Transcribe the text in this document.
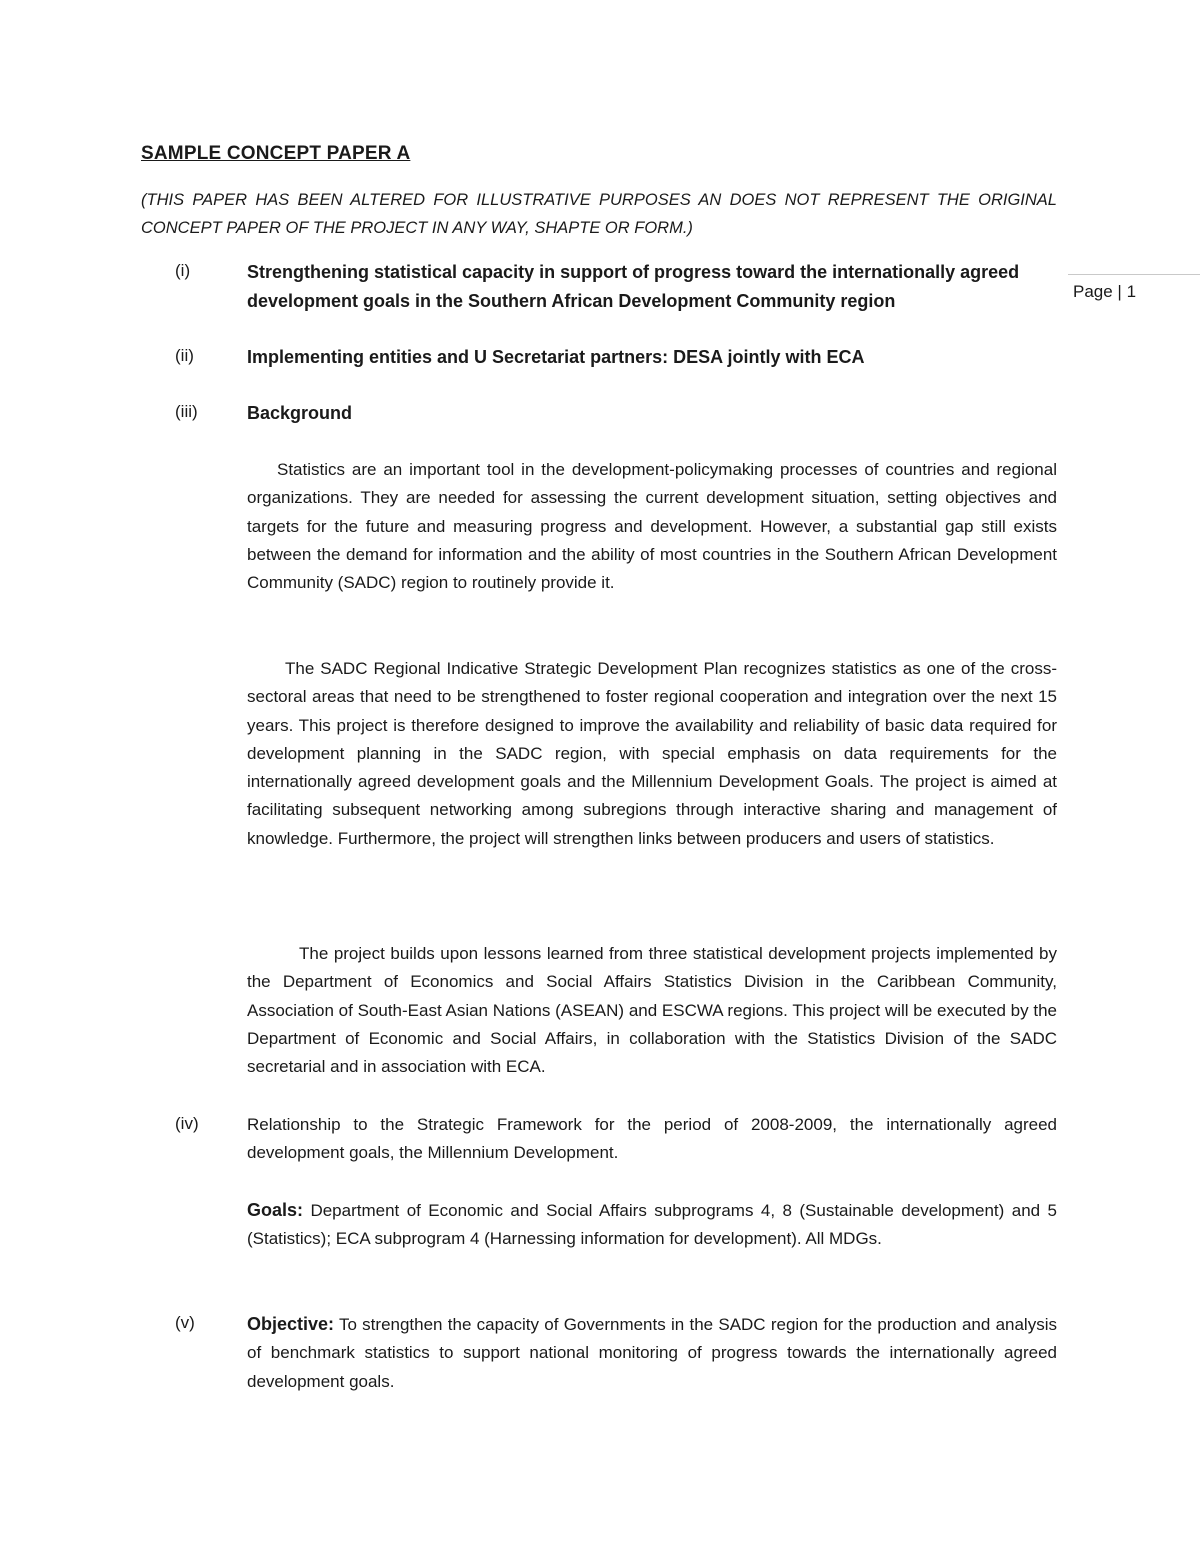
SAMPLE CONCEPT PAPER A
(THIS PAPER HAS BEEN ALTERED FOR ILLUSTRATIVE PURPOSES AN DOES NOT REPRESENT THE ORIGINAL CONCEPT PAPER OF THE PROJECT IN ANY WAY, SHAPTE OR FORM.)
Page | 1
(i)	Strengthening statistical capacity in support of progress toward the internationally agreed development goals in the Southern African Development Community region
(ii)	Implementing entities and U Secretariat partners: DESA jointly with ECA
(iii)	Background

Statistics are an important tool in the development-policymaking processes of countries and regional organizations. They are needed for assessing the current development situation, setting objectives and targets for the future and measuring progress and development. However, a substantial gap still exists between the demand for information and the ability of most countries in the Southern African Development Community (SADC) region to routinely provide it.

The SADC Regional Indicative Strategic Development Plan recognizes statistics as one of the cross-sectoral areas that need to be strengthened to foster regional cooperation and integration over the next 15 years. This project is therefore designed to improve the availability and reliability of basic data required for development planning in the SADC region, with special emphasis on data requirements for the internationally agreed development goals and the Millennium Development Goals. The project is aimed at facilitating subsequent networking among subregions through interactive sharing and management of knowledge. Furthermore, the project will strengthen links between producers and users of statistics.

The project builds upon lessons learned from three statistical development projects implemented by the Department of Economics and Social Affairs Statistics Division in the Caribbean Community, Association of South-East Asian Nations (ASEAN) and ESCWA regions. This project will be executed by the Department of Economic and Social Affairs, in collaboration with the Statistics Division of the SADC secretarial and in association with ECA.

(iv)	Relationship to the Strategic Framework for the period of 2008-2009, the internationally agreed development goals, the Millennium Development.

Goals: Department of Economic and Social Affairs subprograms 4, 8 (Sustainable development) and 5 (Statistics); ECA subprogram 4 (Harnessing information for development). All MDGs.

(v)	Objective: To strengthen the capacity of Governments in the SADC region for the production and analysis of benchmark statistics to support national monitoring of progress towards the internationally agreed development goals.
